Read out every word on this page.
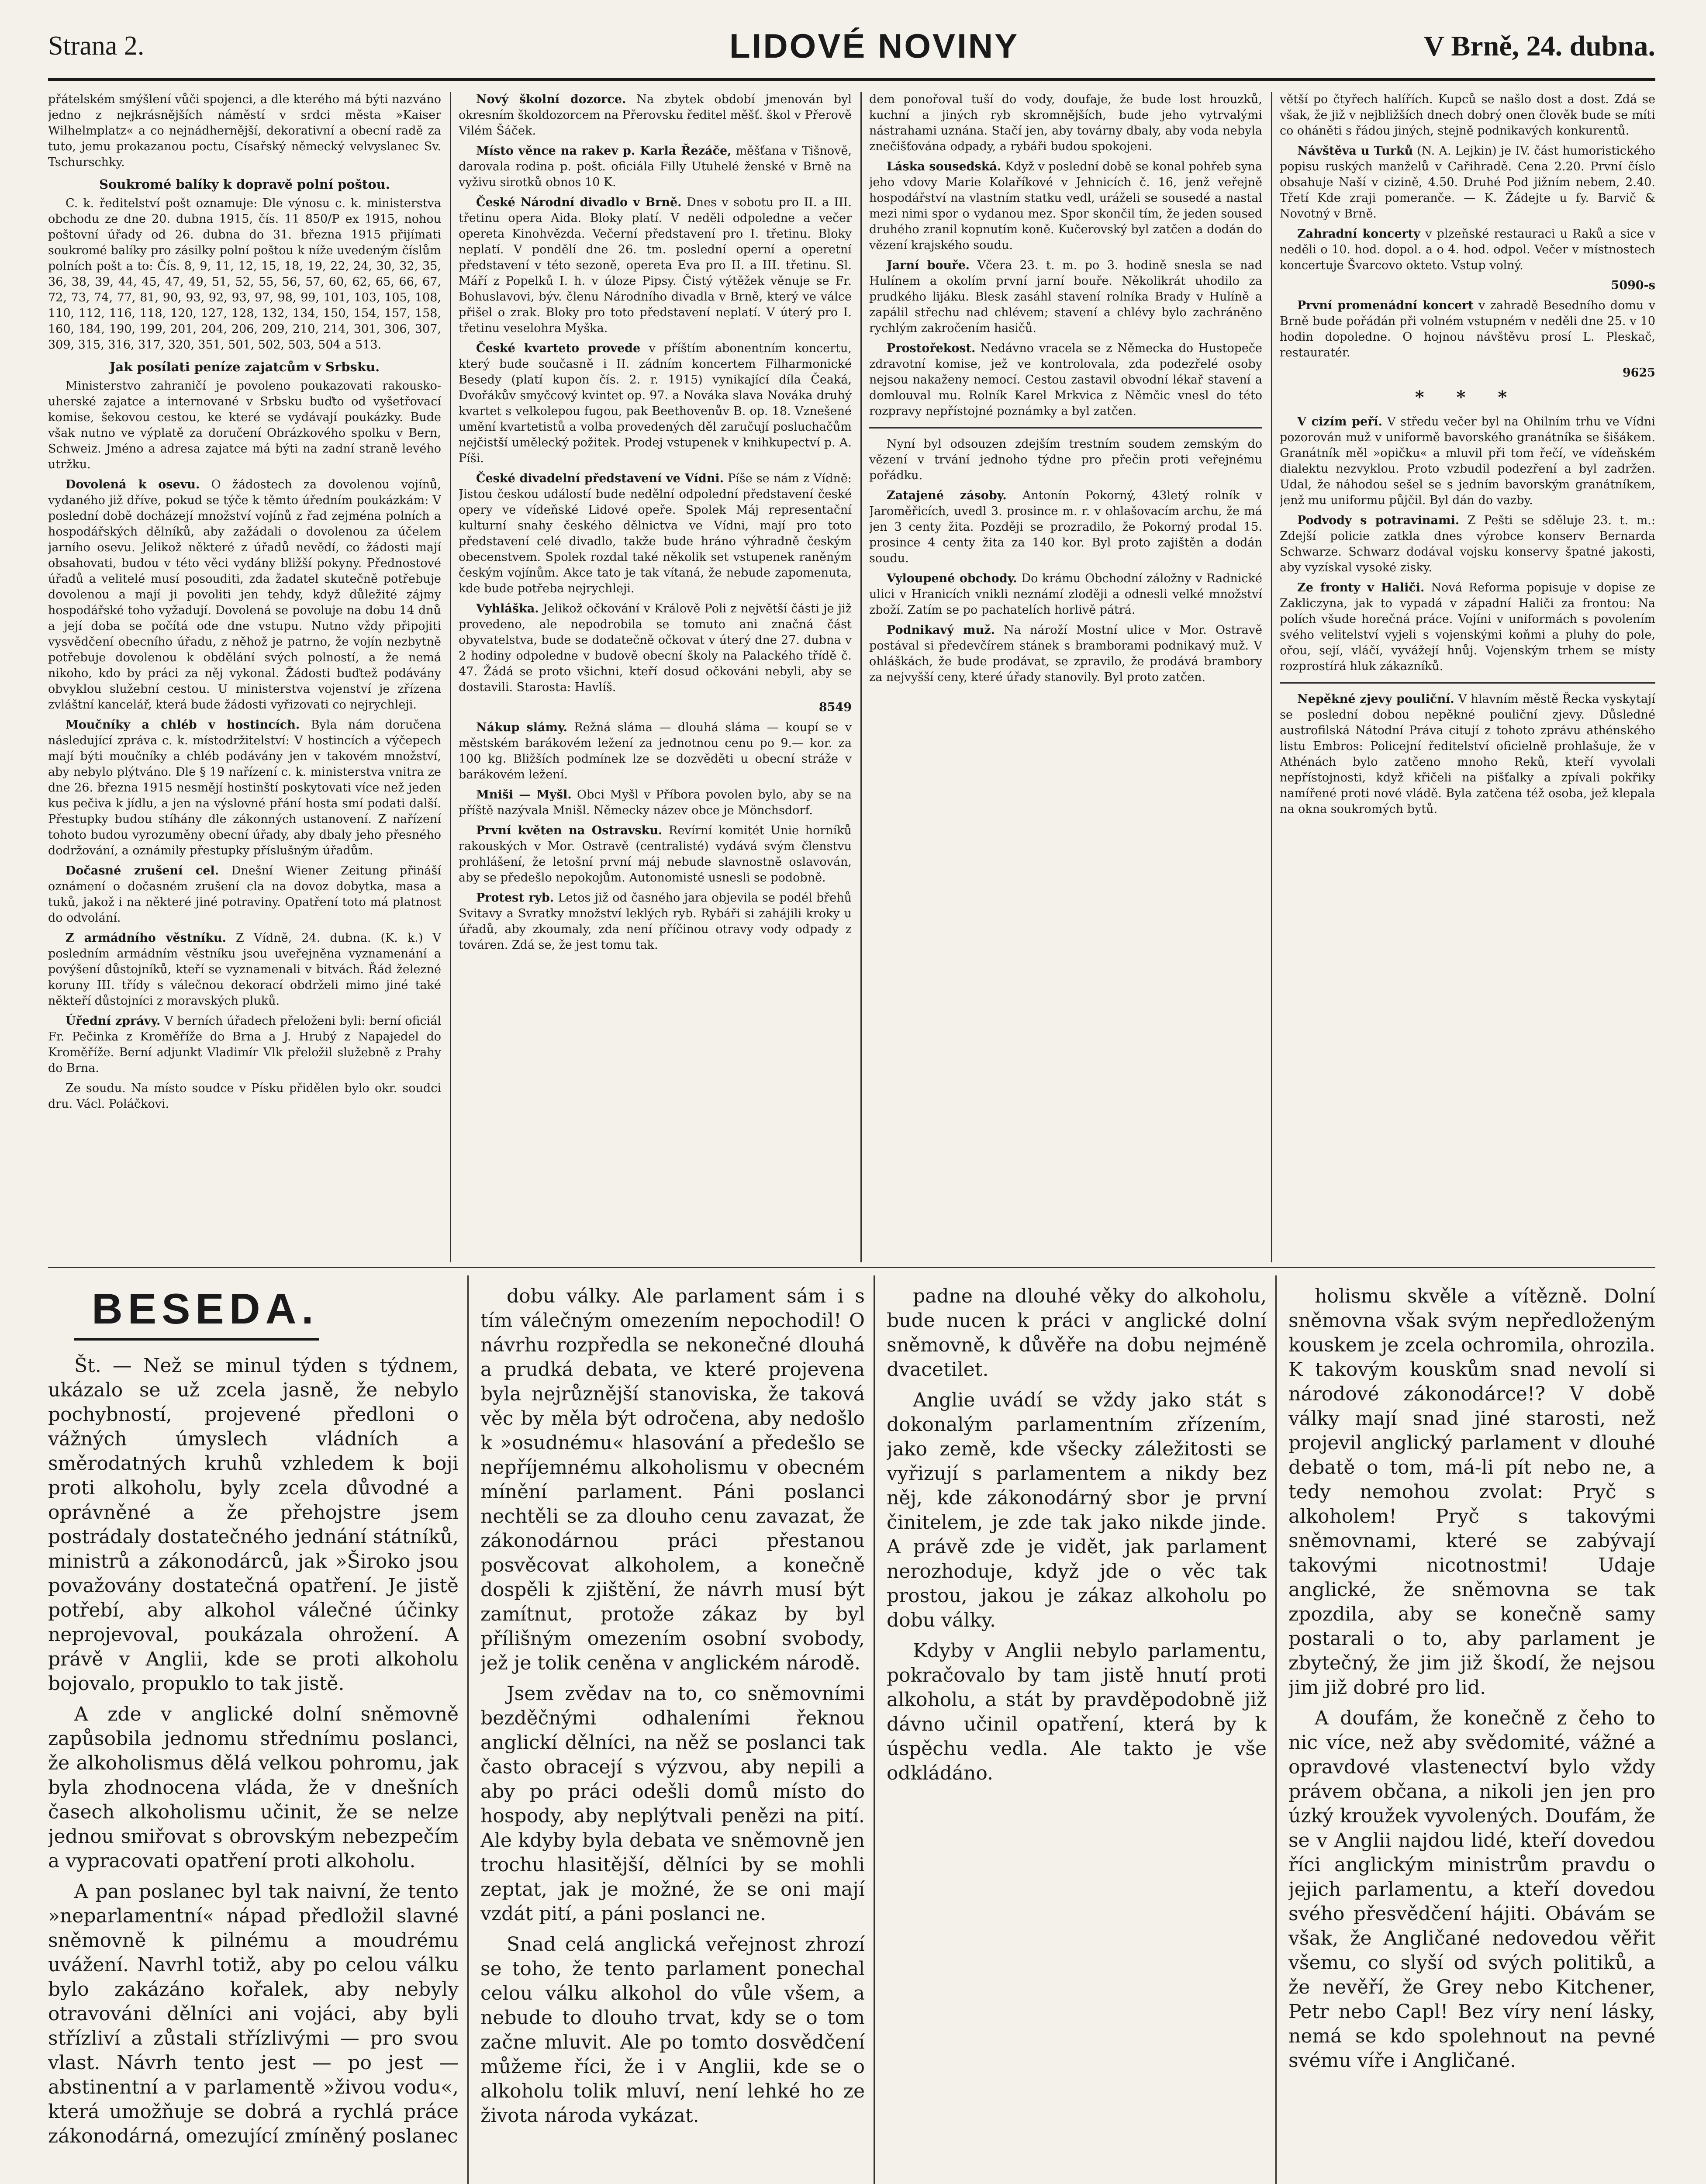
Strana 2.	LIDOVÉ NOVINY	V Brně, 24. dubna.

přátelském smýšlení vůči spojenci, a dle kterého má býti nazváno jedno z nejkrásnějších náměstí v srdci města »Kaiser Wilhelmplatz« a co nejnádhernější, dekorativní a obecní radě za tuto, jemu prokazanou poctu, Císařský německý velvyslanec Sv. Tschurschky.

Soukromé balíky k dopravě polní poštou.

C. k. ředitelství pošt oznamuje: Dle výnosu c. k. ministerstva obchodu ze dne 20. dubna 1915, čís. 11 850/P ex 1915, nohou poštovní úřady od 26. dubna do 31. března 1915 přijímati soukromé balíky pro zásilky polní poštou k níže uvedeným číslům polních pošt a to: Čís. 8, 9, 11, 12, 15, 18, 19, 22, 24, 30, 32, 35, 36, 38, 39, 44, 45, 47, 49, 51, 52, 55, 56, 57, 60, 62, 65, 66, 67, 72, 73, 74, 77, 81, 90, 93, 92, 93, 97, 98, 99, 101, 103, 105, 108, 110, 112, 116, 118, 120, 127, 128, 132, 134, 150, 154, 157, 158, 160, 184, 190, 199, 201, 204, 206, 209, 210, 214, 301, 306, 307, 309, 315, 316, 317, 320, 351, 501, 502, 503, 504 a 513.

Jak posílati peníze zajatcům v Srbsku.

Ministerstvo zahraničí je povoleno poukazovati rakousko-uherské zajatce a internované v Srbsku buďto od vyšetřovací komise, šekovou cestou, ke které se vydávají poukázky. Bude však nutno ve výplatě za doručení Obrázkového spolku v Bern, Schweiz. Jméno a adresa zajatce má býti na zadní straně levého utržku.

Dovolená k osevu. O žádostech za dovolenou vojínů, vydaného již dříve, pokud se týče k těmto úředním poukázkám: V poslední době docházejí množství vojínů z řad zejména polních a hospodářských dělníků, aby zažádali o dovolenou za účelem jarního osevu. Jelikož některé z úřadů nevědí, co žádosti mají obsahovati, budou v této věci vydány bližší pokyny. Přednostové úřadů a velitelé musí posouditi, zda žadatel skutečně potřebuje dovolenou a mají ji povoliti jen tehdy, když důležité zájmy hospodářské toho vyžadují. Dovolená se povoluje na dobu 14 dnů a její doba se počítá ode dne vstupu. Nutno vždy připojiti vysvědčení obecního úřadu, z něhož je patrno, že vojín nezbytně potřebuje dovolenou k obdělání svých polností, a že nemá nikoho, kdo by práci za něj vykonal. Žádosti buďtež podávány obvyklou služební cestou. U ministerstva vojenství je zřízena zvláštní kancelář, která bude žádosti vyřizovati co nejrychleji.

Moučníky a chléb v hostincích. Byla nám doručena následující zpráva c. k. místodržitelství: V hostincích a výčepech mají býti moučníky a chléb podávány jen v takovém množství, aby nebylo plýtváno. Dle § 19 nařízení c. k. ministerstva vnitra ze dne 26. března 1915 nesmějí hostinští poskytovati více než jeden kus pečiva k jídlu, a jen na výslovné přání hosta smí podati další. Přestupky budou stíhány dle zákonných ustanovení. Z nařízení tohoto budou vyrozuměny obecní úřady, aby dbaly jeho přesného dodržování, a oznámily přestupky příslušným úřadům.

Dočasné zrušení cel. Dnešní Wiener Zeitung přináší oznámení o dočasném zrušení cla na dovoz dobytka, masa a tuků, jakož i na některé jiné potraviny. Opatření toto má platnost do odvolání.

Z armádního věstníku. Z Vídně, 24. dubna. (K. k.) V posledním armádním věstníku jsou uveřejněna vyznamenání a povýšení důstojníků, kteří se vyznamenali v bitvách. Řád železné koruny III. třídy s válečnou dekorací obdrželi mimo jiné také někteří důstojníci z moravských pluků.

Úřední zprávy. V berních úřadech přeloženi byli: berní oficiál Fr. Pečinka z Kroměříže do Brna a J. Hrubý z Napajedel do Kroměříže. Berní adjunkt Vladimír Vlk přeložil služebně z Prahy do Brna.

Ze soudu. Na místo soudce v Písku přidělen bylo okr. soudci dru. Václ. Poláčkovi.

Nový školní dozorce. Na zbytek období jmenován byl okresním školdozorcem na Přerovsku ředitel měšť. škol v Přerově Vilém Šáček.

Místo věnce na rakev p. Karla Řezáče, měšťana v Tišnově, darovala rodina p. pošt. oficiála Filly Utuhelé ženské v Brně na vyživu sirotků obnos 10 K.

České Národní divadlo v Brně. Dnes v sobotu pro II. a III. třetinu opera Aida. Bloky platí. V neděli odpoledne a večer opereta Kinohvězda. Večerní představení pro I. třetinu. Bloky neplatí. V pondělí dne 26. tm. poslední operní a operetní představení v této sezoně, opereta Eva pro II. a III. třetinu. Sl. Máří z Popelků I. h. v úloze Pipsy. Čistý výtěžek věnuje se Fr. Bohuslavovi, býv. členu Národního divadla v Brně, který ve válce přišel o zrak. Bloky pro toto představení neplatí. V úterý pro I. třetinu veselohra Myška.

České kvarteto provede v příštím abonentním koncertu, který bude současně i II. zádním koncertem Filharmonické Besedy (platí kupon čís. 2. r. 1915) vynikající díla Čeaká, Dvořákův smyčcový kvintet op. 97. a Nováka slava Nováka druhý kvartet s velkolepou fugou, pak Beethovenův B. op. 18. Vznešené umění kvartetistů a volba provedených děl zaručují posluchačům nejčistší umělecký požitek. Prodej vstupenek v knihkupectví p. A. Píši.

České divadelní představení ve Vídni. Píše se nám z Vídně: Jistou českou událostí bude nedělní odpolední představení české opery ve vídeňské Lidové opeře. Spolek Máj representační kulturní snahy českého dělnictva ve Vídni, mají pro toto představení celé divadlo, takže bude hráno výhradně českým obecenstvem. Spolek rozdal také několik set vstupenek raněným českým vojínům. Akce tato je tak vítaná, že nebude zapomenuta, kde bude potřeba nejrychleji.

Vyhláška. Jelikož očkování v Králově Poli z největší části je již provedeno, ale nepodrobila se tomuto ani značná část obyvatelstva, bude se dodatečně očkovat v úterý dne 27. dubna v 2 hodiny odpoledne v budově obecní školy na Palackého třídě č. 47. Žádá se proto všichni, kteří dosud očkováni nebyli, aby se dostavili. Starosta: Havlíš.

8549

Nákup slámy. Režná sláma — dlouhá sláma — koupí se v městském barákovém ležení za jednotnou cenu po 9.— kor. za 100 kg. Bližších podmínek lze se dozvěděti u obecní stráže v barákovém ležení.

Mniši — Myšl. Obci Myšl v Příbora povolen bylo, aby se na příště nazývala Mnišl. Německy název obce je Mönchsdorf.

První květen na Ostravsku. Revírní komitét Unie horníků rakouských v Mor. Ostravě (centralisté) vydává svým členstvu prohlášení, že letošní první máj nebude slavnostně oslavován, aby se předešlo nepokojům. Autonomisté usnesli se podobně.

Protest ryb. Letos již od časného jara objevila se podél břehů Svitavy a Svratky množství leklých ryb. Rybáři si zahájili kroky u úřadů, aby zkoumaly, zda není příčinou otravy vody odpady z továren. Zdá se, že jest tomu tak.

dem ponořoval tuší do vody, doufaje, že bude lost hrouzků, kuchní a jiných ryb skromnějších, bude jeho vytrvalými nástrahami uznána. Stačí jen, aby továrny dbaly, aby voda nebyla znečišťována odpady, a rybáři budou spokojeni.

Láska sousedská. Když v poslední době se konal pohřeb syna jeho vdovy Marie Kolaříkové v Jehnicích č. 16, jenž veřejně hospodářství na vlastním statku vedl, uráželi se sousedé a nastal mezi nimi spor o vydanou mez. Spor skončil tím, že jeden soused druhého zranil kopnutím koně. Kučerovský byl zatčen a dodán do vězení krajského soudu.

Jarní bouře. Včera 23. t. m. po 3. hodině snesla se nad Hulínem a okolím první jarní bouře. Několikrát uhodilo za prudkého lijáku. Blesk zasáhl stavení rolníka Brady v Hulíně a zapálil střechu nad chlévem; stavení a chlévy bylo zachráněno rychlým zakročením hasičů.

Prostořekost. Nedávno vracela se z Německa do Hustopeče zdravotní komise, jež ve kontrolovala, zda podezřelé osoby nejsou nakaženy nemocí. Cestou zastavil obvodní lékař stavení a domlouval mu. Rolník Karel Mrkvica z Němčic vnesl do této rozpravy nepřístojné poznámky a byl zatčen.

Nyní byl odsouzen zdejším trestním soudem zemským do vězení v trvání jednoho týdne pro přečin proti veřejnému pořádku.

Zatajené zásoby. Antonín Pokorný, 43letý rolník v Jaroměřicích, uvedl 3. prosince m. r. v ohlašovacím archu, že má jen 3 centy žita. Později se prozradilo, že Pokorný prodal 15. prosince 4 centy žita za 140 kor. Byl proto zajištěn a dodán soudu.

Vyloupené obchody. Do krámu Obchodní záložny v Radnické ulici v Hranicích vnikli neznámí zloději a odnesli velké množství zboží. Zatím se po pachatelích horlivě pátrá.

Podnikavý muž. Na nároží Mostní ulice v Mor. Ostravě postával si předevčírem stánek s bramborami podnikavý muž. V ohláškách, že bude prodávat, se zpravilo, že prodává brambory za nejvyšší ceny, které úřady stanovily. Byl proto zatčen.

větší po čtyřech halířích. Kupců se našlo dost a dost. Zdá se však, že již v nejbližších dnech dobrý onen člověk bude se míti co oháněti s řádou jiných, stejně podnikavých konkurentů.

Návštěva u Turků (N. A. Lejkin) je IV. část humoristického popisu ruských manželů v Cařihradě. Cena 2.20. První číslo obsahuje Naší v cizině, 4.50. Druhé Pod jižním nebem, 2.40. Třetí Kde zraji pomeranče. — K. Žádejte u fy. Barvič & Novotný v Brně.

Zahradní koncerty v plzeňské restauraci u Raků a sice v neděli o 10. hod. dopol. a o 4. hod. odpol. Večer v místnostech koncertuje Švarcovo okteto. Vstup volný.

5090-s

První promenádní koncert v zahradě Besedního domu v Brně bude pořádán při volném vstupném v neděli dne 25. v 10 hodin dopoledne. O hojnou návštěvu prosí L. Pleskač, restauratér.

9625

* * *

V cizím peří. V středu večer byl na Ohilním trhu ve Vídni pozorován muž v uniformě bavorského granátníka se šišákem. Granátník měl »opičku« a mluvil při tom řečí, ve vídeňském dialektu nezvyklou. Proto vzbudil podezření a byl zadržen. Udal, že náhodou sešel se s jedním bavorským granátníkem, jenž mu uniformu půjčil. Byl dán do vazby.

Podvody s potravinami. Z Pešti se sděluje 23. t. m.: Zdejší policie zatkla dnes výrobce konserv Bernarda Schwarze. Schwarz dodával vojsku konservy špatné jakosti, aby vyzískal vysoké zisky.

Ze fronty v Haliči. Nová Reforma popisuje v dopise ze Zakliczyna, jak to vypadá v západní Haliči za frontou: Na polích všude horečná práce. Vojíni v uniformách s povolením svého velitelství vyjeli s vojenskými koňmi a pluhy do pole, ořou, sejí, vláčí, vyvážejí hnůj. Vojenským trhem se místy rozprostírá hluk zákazníků.

Nepěkné zjevy pouliční. V hlavním městě Řecka vyskytají se poslední dobou nepěkné pouliční zjevy. Důsledné austrofilská Nátodní Práva citují z tohoto zprávu athénského listu Embros: Policejní ředitelství oficielně prohlašuje, že v Athénách bylo zatčeno mnoho Reků, kteří vyvolali nepřístojnosti, když křičeli na pišťalky a zpívali pokřiky namířené proti nové vládě. Byla zatčena též osoba, jež klepala na okna soukromých bytů.

BESEDA.

Št. — Než se minul týden s týdnem, ukázalo se už zcela jasně, že nebylo pochybností, projevené předloni o vážných úmyslech vládních a směrodatných kruhů vzhledem k boji proti alkoholu, byly zcela důvodné a oprávněné a že přehojstre jsem postrádaly dostatečného jednání státníků, ministrů a zákonodárců, jak »Široko jsou považovány dostatečná opatření. Je jistě potřebí, aby alkohol válečné účinky neprojevoval, poukázala ohrožení. A právě v Anglii, kde se proti alkoholu bojovalo, propuklo to tak jistě.

A zde v anglické dolní sněmovně zapůsobila jednomu střednímu poslanci, že alkoholismus dělá velkou pohromu, jak byla zhodnocena vláda, že v dnešních časech alkoholismu učinit, že se nelze jednou smiřovat s obrovským nebezpečím a vypracovati opatření proti alkoholu.

A pan poslanec byl tak naivní, že tento »neparlamentní« nápad předložil slavné sněmovně k pilnému a moudrému uvážení. Navrhl totiž, aby po celou válku bylo zakázáno kořalek, aby nebyly otravováni dělníci ani vojáci, aby byli střízliví a zůstali střízlivými — pro svou vlast. Návrh tento jest — po jest — abstinentní a v parlamentě »živou vodu«, která umožňuje se dobrá a rychlá práce zákonodárná, omezující zmíněný poslanec

dobu války. Ale parlament sám i s tím válečným omezením nepochodil! O návrhu rozpředla se nekonečné dlouhá a prudká debata, ve které projevena byla nejrůznější stanoviska, že taková věc by měla být odročena, aby nedošlo k »osudnému« hlasování a předešlo se nepříjemnému alkoholismu v obecném mínění parlament. Páni poslanci nechtěli se za dlouho cenu zavazat, že zákonodárnou práci přestanou posvěcovat alkoholem, a konečně dospěli k zjištění, že návrh musí být zamítnut, protože zákaz by byl přílišným omezením osobní svobody, jež je tolik ceněna v anglickém národě.

Jsem zvědav na to, co sněmovními bezděčnými odhaleními řeknou anglickí dělníci, na něž se poslanci tak často obracejí s výzvou, aby nepili a aby po práci odešli domů místo do hospody, aby neplýtvali penězi na pití. Ale kdyby byla debata ve sněmovně jen trochu hlasitější, dělníci by se mohli zeptat, jak je možné, že se oni mají vzdát pití, a páni poslanci ne.

Snad celá anglická veřejnost zhrozí se toho, že tento parlament ponechal celou válku alkohol do vůle všem, a nebude to dlouho trvat, kdy se o tom začne mluvit. Ale po tomto dosvědčení můžeme říci, že i v Anglii, kde se o alkoholu tolik mluví, není lehké ho ze života národa vykázat.

padne na dlouhé věky do alkoholu, bude nucen k práci v anglické dolní sněmovně, k důvěře na dobu nejméně dvacetilet.

Anglie uvádí se vždy jako stát s dokonalým parlamentním zřízením, jako země, kde všecky záležitosti se vyřizují s parlamentem a nikdy bez něj, kde zákonodárný sbor je první činitelem, je zde tak jako nikde jinde. A právě zde je vidět, jak parlament nerozhoduje, když jde o věc tak prostou, jakou je zákaz alkoholu po dobu války.

Kdyby v Anglii nebylo parlamentu, pokračovalo by tam jistě hnutí proti alkoholu, a stát by pravděpodobně již dávno učinil opatření, která by k úspěchu vedla. Ale takto je vše odkládáno.

holismu skvěle a vítězně. Dolní sněmovna však svým nepředloženým kouskem je zcela ochromila, ohrozila. K takovým kouskům snad nevolí si národové zákonodárce!? V době války mají snad jiné starosti, než projevil anglický parlament v dlouhé debatě o tom, má-li pít nebo ne, a tedy nemohou zvolat: Pryč s alkoholem! Pryč s takovými sněmovnami, které se zabývají takovými nicotnostmi! Udaje anglické, že sněmovna se tak zpozdila, aby se konečně samy postarali o to, aby parlament je zbytečný, že jim již škodí, že nejsou jim již dobré pro lid.

A doufám, že konečně z čeho to nic více, než aby svědomité, vážné a opravdové vlastenectví bylo vždy právem občana, a nikoli jen jen pro úzký kroužek vyvolených. Doufám, že se v Anglii najdou lidé, kteří dovedou říci anglickým ministrům pravdu o jejich parlamentu, a kteří dovedou svého přesvědčení hájiti. Obávám se však, že Angličané nedovedou věřit všemu, co slyší od svých politiků, a že nevěří, že Grey nebo Kitchener, Petr nebo Capl! Bez víry není lásky, nemá se kdo spolehnout na pevné svému víře i Angličané.
